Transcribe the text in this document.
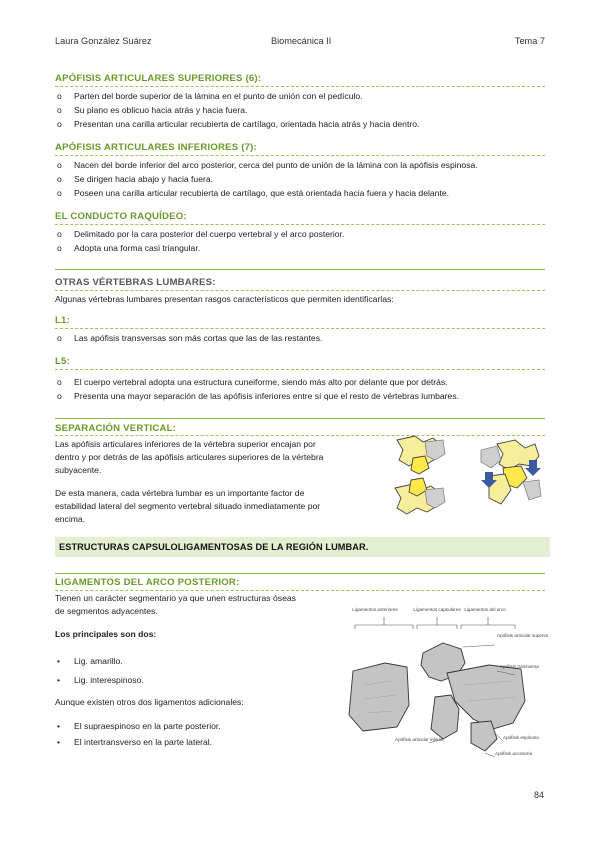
Laura González Suárez	Biomecánica II	Tema 7
APÓFISIS ARTICULARES SUPERIORES (6):
o Parten del borde superior de la lámina en el punto de unión con el pedículo.
o Su plano es oblicuo hacia atrás y hacia fuera.
o Presentan una carilla articular recubierta de cartílago, orientada hacia atrás y hacia dentro.
APÓFISIS ARTICULARES INFERIORES (7):
o Nacen del borde inferior del arco posterior, cerca del punto de unión de la lámina con la apófisis espinosa.
o Se dirigen hacia abajo y hacia fuera.
o Poseen una carilla articular recubierta de cartílago, que está orientada hacia fuera y hacia delante.
EL CONDUCTO RAQUÍDEO:
o Delimitado por la cara posterior del cuerpo vertebral y el arco posterior.
o Adopta una forma casi triangular.
OTRAS VÉRTEBRAS LUMBARES:
Algunas vértebras lumbares presentan rasgos característicos que permiten identificarlas:
L1:
o Las apófisis transversas son más cortas que las de las restantes.
L5:
o El cuerpo vertebral adopta una estructura cuneiforme, siendo más alto por delante que por detrás.
o Presenta una mayor separación de las apófisis inferiores entre sí que el resto de vértebras lumbares.
SEPARACIÓN VERTICAL:
Las apófisis articulares inferiores de la vértebra superior encajan por
dentro y por detrás de las apófisis articulares superiores de la vértebra
subyacente.
De esta manera, cada vértebra lumbar es un importante factor de
estabilidad lateral del segmento vertebral situado inmediatamente por
encima.
ESTRUCTURAS CAPSULOLIGAMENTOSAS DE LA REGIÓN LUMBAR.
LIGAMENTOS DEL ARCO POSTERIOR:
Tienen un carácter segmentario ya que unen estructuras óseas
de segmentos adyacentes.
Los principales son dos:
• Lig. amarillo.
• Lig. interespinoso.
Aunque existen otros dos ligamentos adicionales:
• El supraespinoso en la parte posterior.
• El intertransverso en la parte lateral.
Ligamentos anteriores	Ligamentos capsulares Ligamentos del arco
Apófisis articular superior
Apófisis transversa
Apófisis espinosa
Apófisis accesoria
Apófisis articular inferior
84
